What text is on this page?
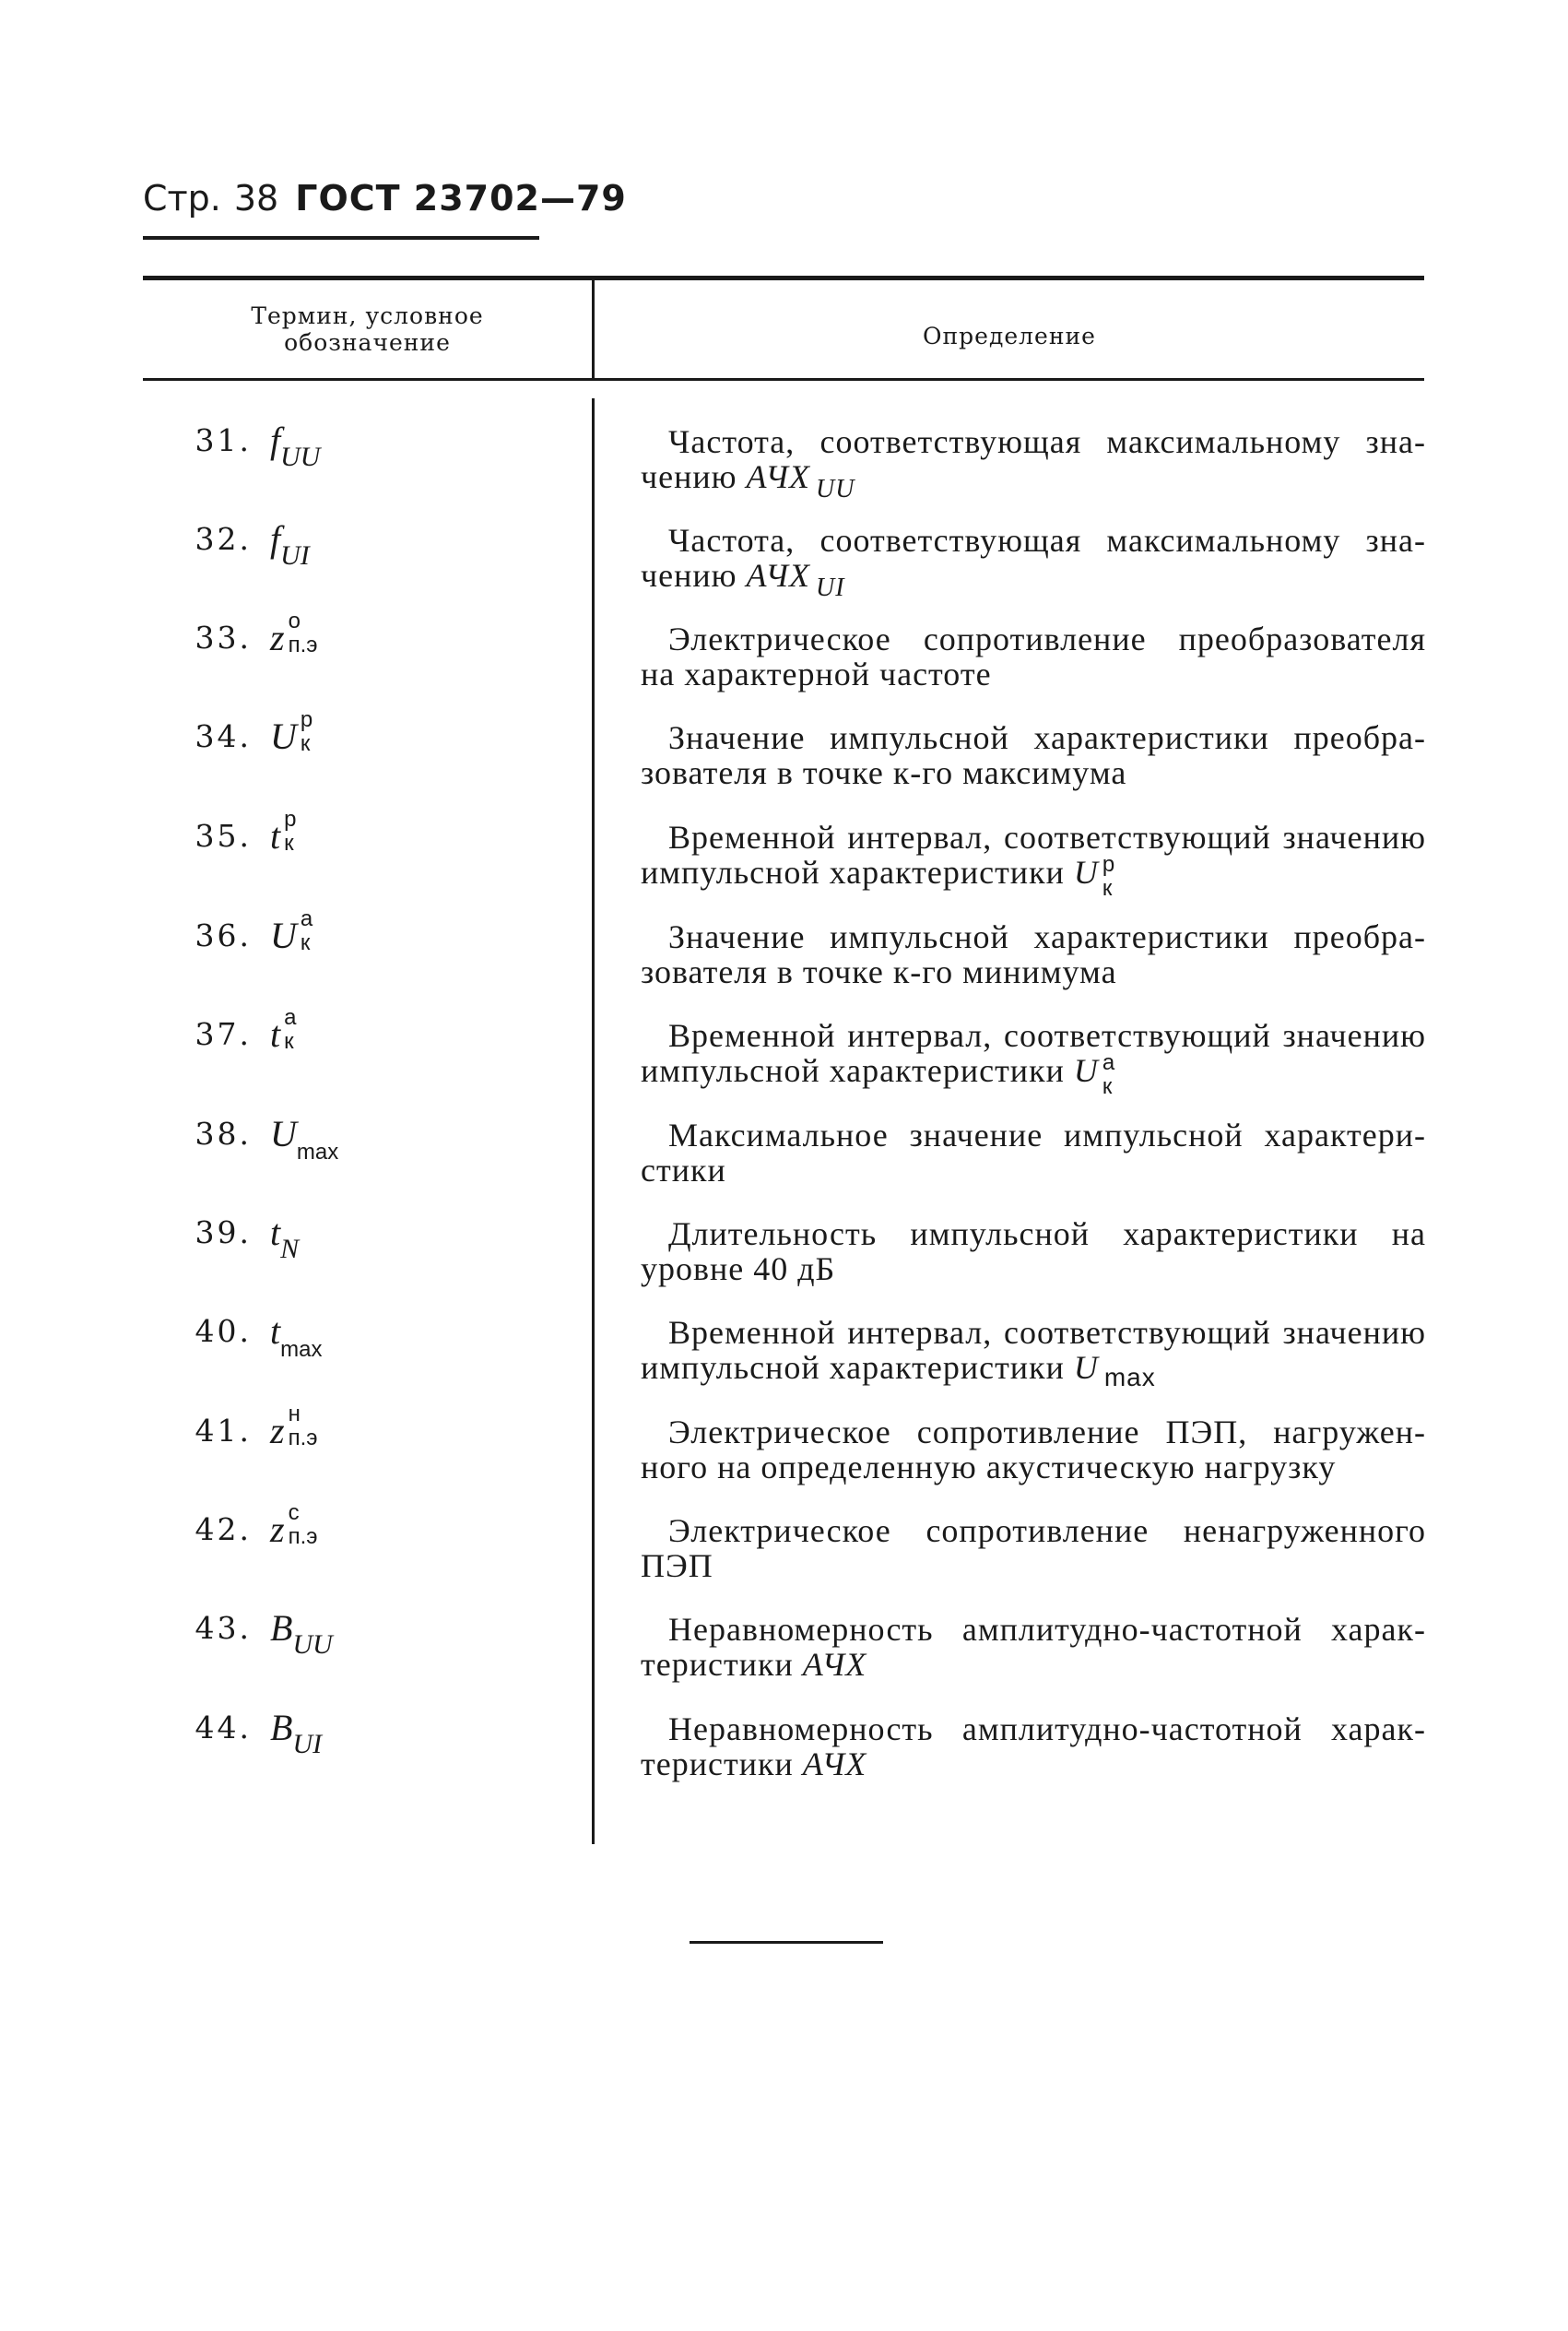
Стр. 38 ГОСТ 23702—79
Термин, условное
обозначение	Определение
31. fUU	Частота, соответствующая максимальному зна-
чению АЧХ $_{UU}$
32. fUI	Частота, соответствующая максимальному зна-
чению АЧХ $_{UI}$
33. z o
п.э	Электрическое сопротивление преобразователя
на характерной частоте
34. U p
к	Значение импульсной характеристики преобра-
зователя в точке к-го максимума
35. t p
к	Временной интервал, соответствующий значению
импульсной характеристики U p
к
36. U a
к	Значение импульсной характеристики преобра-
зователя в точке к-го минимума
37. t a
к	Временной интервал, соответствующий значению
импульсной характеристики U a
к
38. Umax	Максимальное значение импульсной характери-
стики
39. tN	Длительность импульсной характеристики на
уровне 40 дБ
40. tmax	Временной интервал, соответствующий значению
импульсной характеристики U $_{max}$
41. z н
п.э	Электрическое сопротивление ПЭП, нагружен-
ного на определенную акустическую нагрузку
42. z с
п.э	Электрическое сопротивление ненагруженного
ПЭП
43. BUU	Неравномерность амплитудно-частотной харак-
теристики АЧХ
44. BUI	Неравномерность амплитудно-частотной харак-
теристики АЧХ
